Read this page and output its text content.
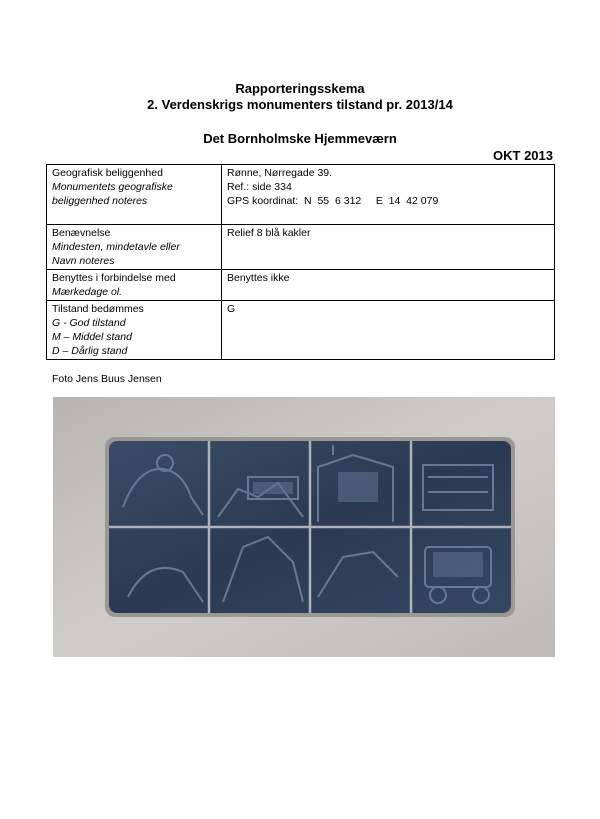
Rapporteringsskema
2. Verdenskrigs monumenters tilstand pr. 2013/14
Det Bornholmske Hjemmeværn
OKT 2013
Geografisk beliggenhed
Monumentets geografiske
beliggenhed noteres	Rønne, Nørregade 39.
Ref.: side 334
GPS koordinat:  N  55  6 312     E  14  42 079

Benævnelse
Mindesten, mindetavle eller
Navn noteres	Relief 8 blå kakler

Benyttes i forbindelse med
Mærkedage ol.	Benyttes ikke

Tilstand bedømmes
G - God tilstand
M – Middel stand
D – Dårlig stand	G
Foto Jens Buus Jensen
